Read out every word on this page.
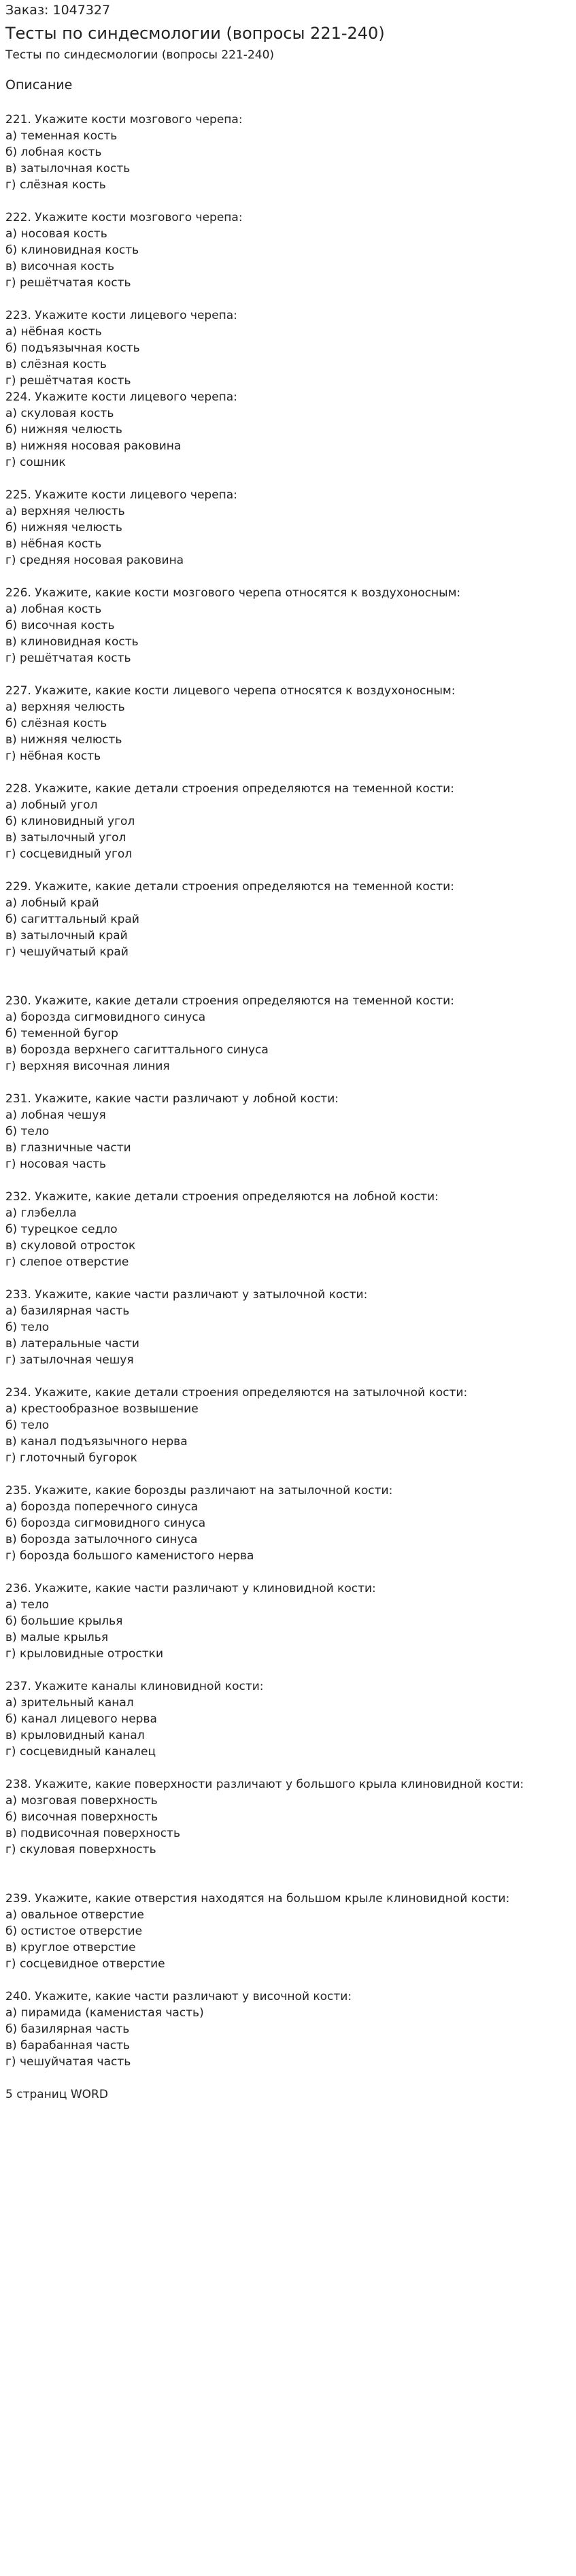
Заказ: 1047327
Тесты по синдесмологии (вопросы 221-240)
Тесты по синдесмологии (вопросы 221-240)
Описание
221. Укажите кости мозгового черепа:
а) теменная кость
б) лобная кость
в) затылочная кость
г) слёзная кость
222. Укажите кости мозгового черепа:
а) носовая кость
б) клиновидная кость
в) височная кость
г) решётчатая кость
223. Укажите кости лицевого черепа:
а) нёбная кость
б) подъязычная кость
в) слёзная кость
г) решётчатая кость
224. Укажите кости лицевого черепа:
а) скуловая кость
б) нижняя челюсть
в) нижняя носовая раковина
г) сошник
225. Укажите кости лицевого черепа:
а) верхняя челюсть
б) нижняя челюсть
в) нёбная кость
г) средняя носовая раковина
226. Укажите, какие кости мозгового черепа относятся к воздухоносным:
а) лобная кость
б) височная кость
в) клиновидная кость
г) решётчатая кость
227. Укажите, какие кости лицевого черепа относятся к воздухоносным:
а) верхняя челюсть
б) слёзная кость
в) нижняя челюсть
г) нёбная кость
228. Укажите, какие детали строения определяются на теменной кости:
а) лобный угол
б) клиновидный угол
в) затылочный угол
г) сосцевидный угол
229. Укажите, какие детали строения определяются на теменной кости:
а) лобный край
б) сагиттальный край
в) затылочный край
г) чешуйчатый край
230. Укажите, какие детали строения определяются на теменной кости:
а) борозда сигмовидного синуса
б) теменной бугор
в) борозда верхнего сагиттального синуса
г) верхняя височная линия
231. Укажите, какие части различают у лобной кости:
а) лобная чешуя
б) тело
в) глазничные части
г) носовая часть
232. Укажите, какие детали строения определяются на лобной кости:
а) глэбелла
б) турецкое седло
в) скуловой отросток
г) слепое отверстие
233. Укажите, какие части различают у затылочной кости:
а) базилярная часть
б) тело
в) латеральные части
г) затылочная чешуя
234. Укажите, какие детали строения определяются на затылочной кости:
а) крестообразное возвышение
б) тело
в) канал подъязычного нерва
г) глоточный бугорок
235. Укажите, какие борозды различают на затылочной кости:
а) борозда поперечного синуса
б) борозда сигмовидного синуса
в) борозда затылочного синуса
г) борозда большого каменистого нерва
236. Укажите, какие части различают у клиновидной кости:
а) тело
б) большие крылья
в) малые крылья
г) крыловидные отростки
237. Укажите каналы клиновидной кости:
а) зрительный канал
б) канал лицевого нерва
в) крыловидный канал
г) сосцевидный каналец
238. Укажите, какие поверхности различают у большого крыла клиновидной кости:
а) мозговая поверхность
б) височная поверхность
в) подвисочная поверхность
г) скуловая поверхность
239. Укажите, какие отверстия находятся на большом крыле клиновидной кости:
а) овальное отверстие
б) остистое отверстие
в) круглое отверстие
г) сосцевидное отверстие
240. Укажите, какие части различают у височной кости:
а) пирамида (каменистая часть)
б) базилярная часть
в) барабанная часть
г) чешуйчатая часть
5 страниц WORD
